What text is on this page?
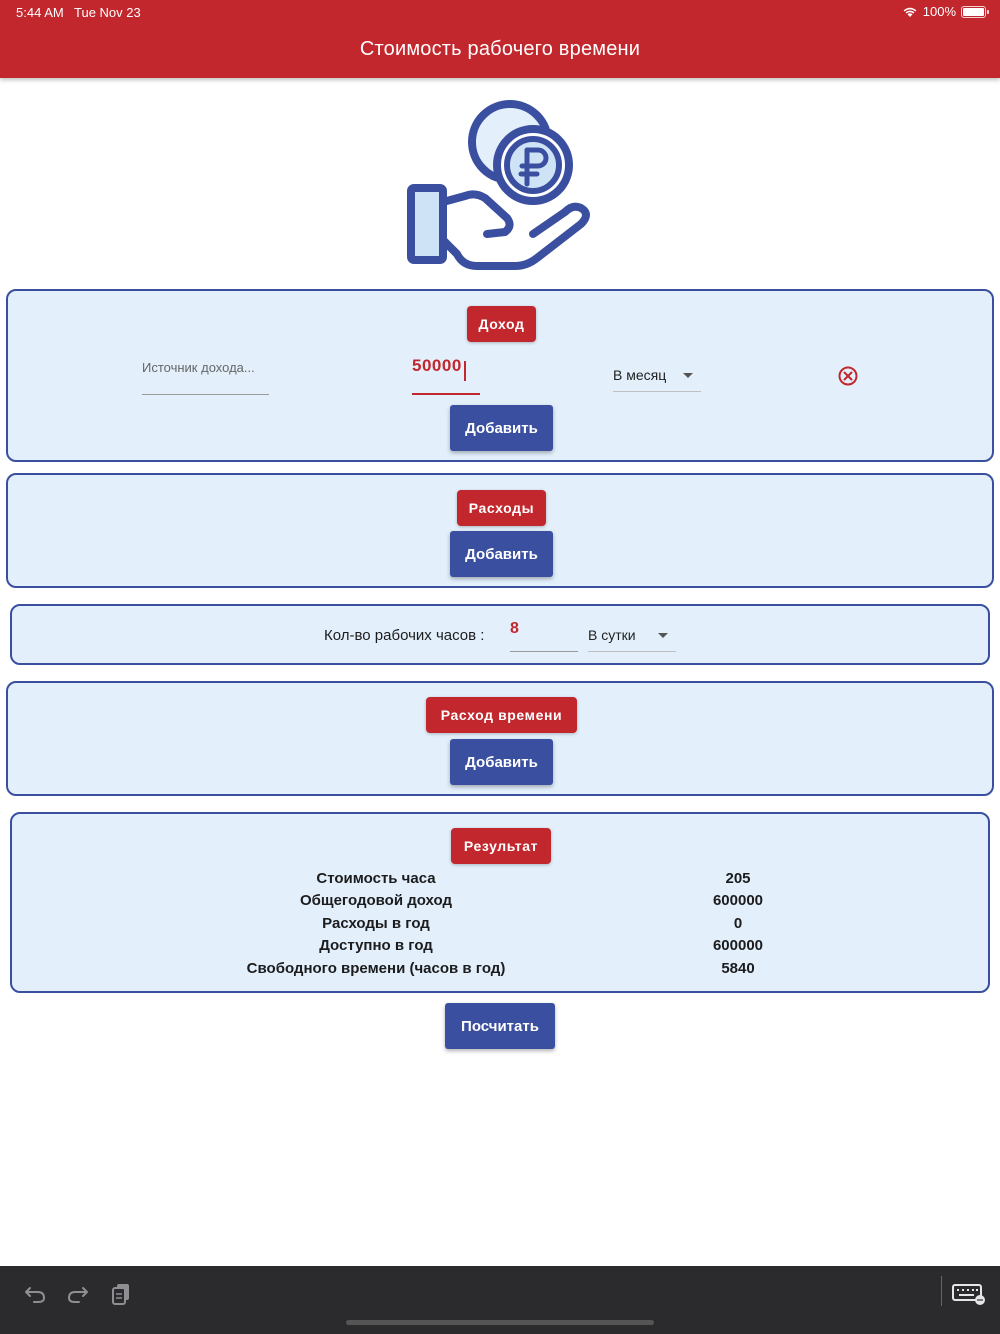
5:44 AM Tue Nov 23	100%
Стоимость рабочего времени
Доход
Источник дохода...
50000	В месяц
Добавить
Расходы
Добавить
Кол-во рабочих часов : 8	В сутки
Расход времени
Добавить
Результат
Стоимость часа	205
Общегодовой доход	600000
Расходы в год	0
Доступно в год	600000
Свободного времени (часов в год)	5840
Посчитать
